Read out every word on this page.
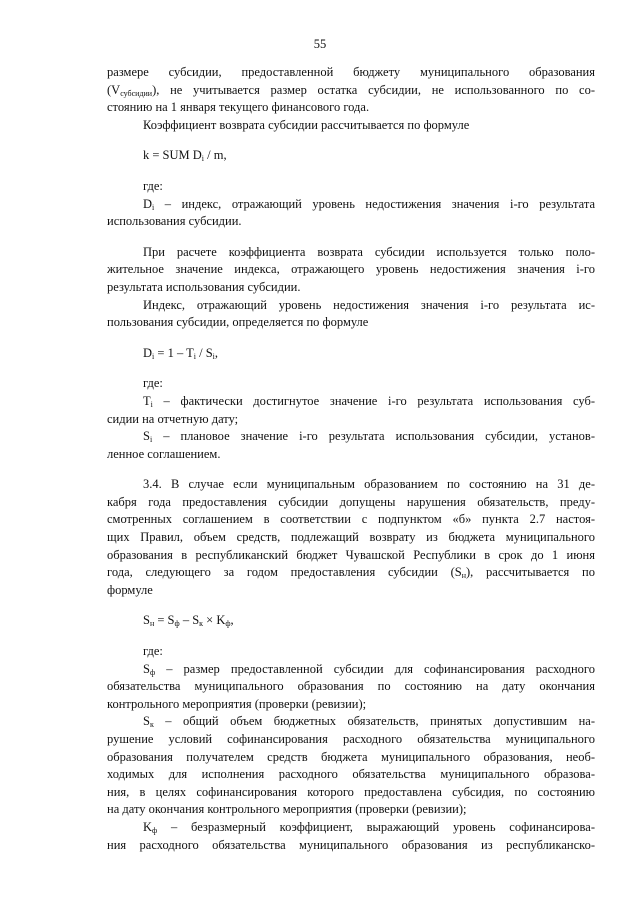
55
размере субсидии, предоставленной бюджету муниципального образования
$(V_{субсидии})$, не учитывается размер остатка субсидии, не использованного по со-
стоянию на 1 января текущего финансового года.
Коэффициент возврата субсидии рассчитывается по формуле
k = SUM $D_i$ / m,
где:
$D_i$ – индекс, отражающий уровень недостижения значения i-го результата
использования субсидии.
При расчете коэффициента возврата субсидии используется только поло-
жительное значение индекса, отражающего уровень недостижения значения i-го
результата использования субсидии.
Индекс, отражающий уровень недостижения значения i-го результата ис-
пользования субсидии, определяется по формуле
$D_i = 1 - T_i / S_i$,
где:
$T_i$ – фактически достигнутое значение i-го результата использования суб-
сидии на отчетную дату;
$S_i$ – плановое значение i-го результата использования субсидии, установ-
ленное соглашением.
3.4. В случае если муниципальным образованием по состоянию на 31 де-
кабря года предоставления субсидии допущены нарушения обязательств, преду-
смотренных соглашением в соответствии с подпунктом «б» пункта 2.7 настоя-
щих Правил, объем средств, подлежащий возврату из бюджета муниципального
образования в республиканский бюджет Чувашской Республики в срок до 1 июня
года, следующего за годом предоставления субсидии $(S_н)$, рассчитывается по
формуле
$S_н = S_ф - S_к \times K_ф$,
где:
$S_ф$ – размер предоставленной субсидии для софинансирования расходного
обязательства муниципального образования по состоянию на дату окончания
контрольного мероприятия (проверки (ревизии);
$S_к$ – общий объем бюджетных обязательств, принятых допустившим на-
рушение условий софинансирования расходного обязательства муниципального
образования получателем средств бюджета муниципального образования, необ-
ходимых для исполнения расходного обязательства муниципального образова-
ния, в целях софинансирования которого предоставлена субсидия, по состоянию
на дату окончания контрольного мероприятия (проверки (ревизии);
$K_ф$ – безразмерный коэффициент, выражающий уровень софинансирова-
ния расходного обязательства муниципального образования из республиканско-
